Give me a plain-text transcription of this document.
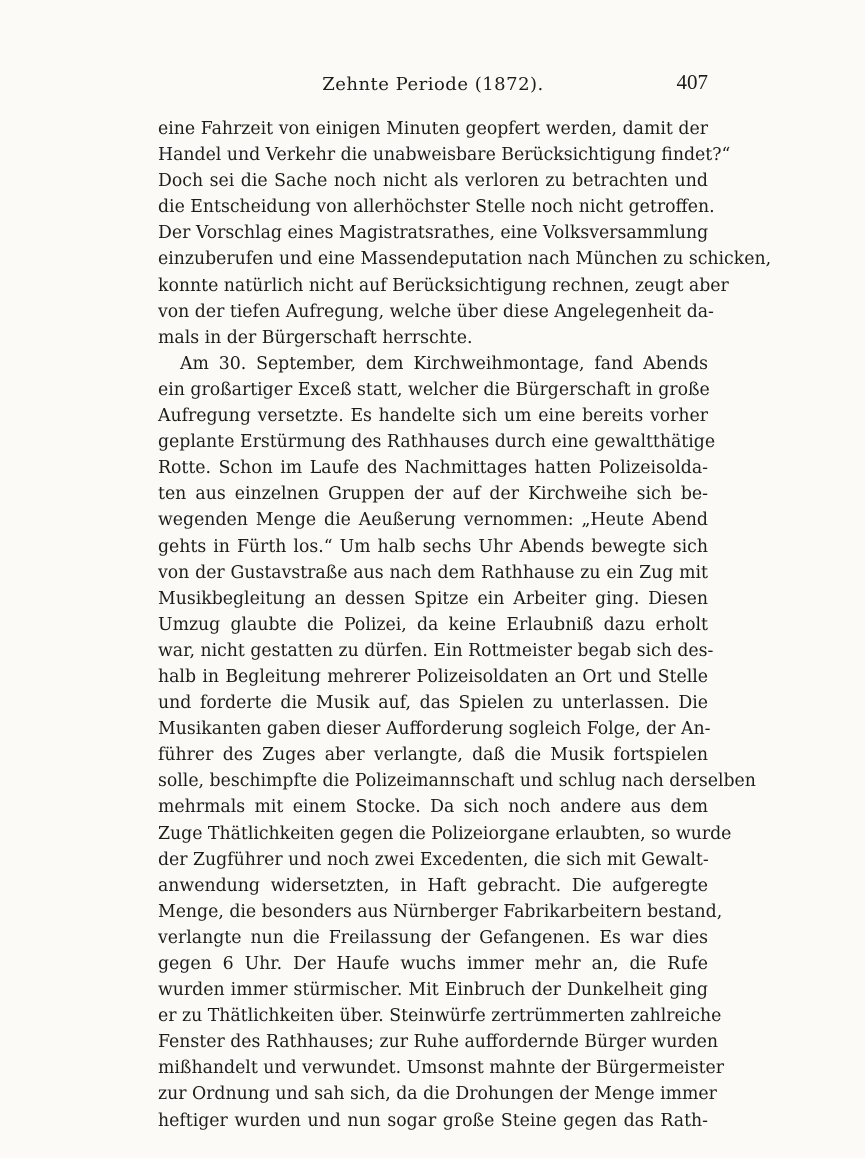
Zehnte Periode (1872).	407
eine Fahrzeit von einigen Minuten geopfert werden, damit der
Handel und Verkehr die unabweisbare Berücksichtigung findet?“
Doch sei die Sache noch nicht als verloren zu betrachten und
die Entscheidung von allerhöchster Stelle noch nicht getroffen.
Der Vorschlag eines Magistratsrathes, eine Volksversammlung
einzuberufen und eine Massendeputation nach München zu schicken,
konnte natürlich nicht auf Berücksichtigung rechnen, zeugt aber
von der tiefen Aufregung, welche über diese Angelegenheit da-
mals in der Bürgerschaft herrschte.
Am 30. September, dem Kirchweihmontage, fand Abends
ein großartiger Exceß statt, welcher die Bürgerschaft in große
Aufregung versetzte. Es handelte sich um eine bereits vorher
geplante Erstürmung des Rathhauses durch eine gewaltthätige
Rotte. Schon im Laufe des Nachmittages hatten Polizeisolda-
ten aus einzelnen Gruppen der auf der Kirchweihe sich be-
wegenden Menge die Aeußerung vernommen: „Heute Abend
gehts in Fürth los.“ Um halb sechs Uhr Abends bewegte sich
von der Gustavstraße aus nach dem Rathhause zu ein Zug mit
Musikbegleitung an dessen Spitze ein Arbeiter ging. Diesen
Umzug glaubte die Polizei, da keine Erlaubniß dazu erholt
war, nicht gestatten zu dürfen. Ein Rottmeister begab sich des-
halb in Begleitung mehrerer Polizeisoldaten an Ort und Stelle
und forderte die Musik auf, das Spielen zu unterlassen. Die
Musikanten gaben dieser Aufforderung sogleich Folge, der An-
führer des Zuges aber verlangte, daß die Musik fortspielen
solle, beschimpfte die Polizeimannschaft und schlug nach derselben
mehrmals mit einem Stocke. Da sich noch andere aus dem
Zuge Thätlichkeiten gegen die Polizeiorgane erlaubten, so wurde
der Zugführer und noch zwei Excedenten, die sich mit Gewalt-
anwendung widersetzten, in Haft gebracht. Die aufgeregte
Menge, die besonders aus Nürnberger Fabrikarbeitern bestand,
verlangte nun die Freilassung der Gefangenen. Es war dies
gegen 6 Uhr. Der Haufe wuchs immer mehr an, die Rufe
wurden immer stürmischer. Mit Einbruch der Dunkelheit ging
er zu Thätlichkeiten über. Steinwürfe zertrümmerten zahlreiche
Fenster des Rathhauses; zur Ruhe auffordernde Bürger wurden
mißhandelt und verwundet. Umsonst mahnte der Bürgermeister
zur Ordnung und sah sich, da die Drohungen der Menge immer
heftiger wurden und nun sogar große Steine gegen das Rath-
